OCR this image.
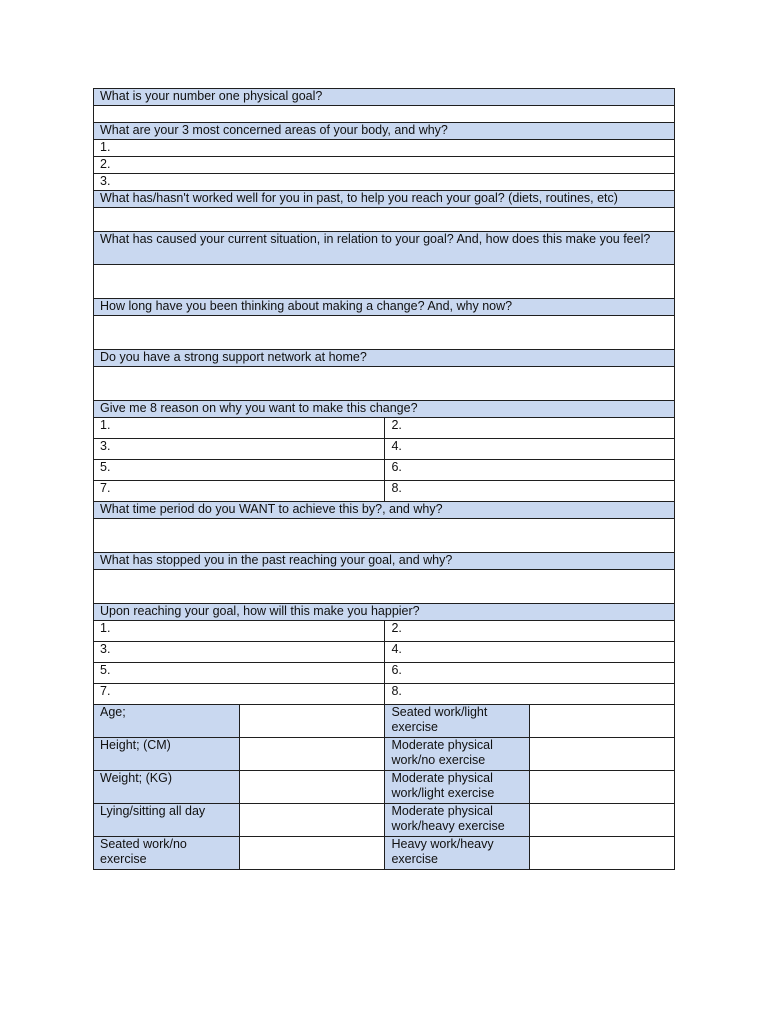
What is your number one physical goal?			

What are your 3 most concerned areas of your body, and why?			
1.			
2.			
3.			
What has/hasn't worked well for you in past, to help you reach your goal? (diets, routines, etc)			

What has caused your current situation, in relation to your goal? And, how does this make you feel?			

How long have you been thinking about making a change? And, why now?			

Do you have a strong support network at home?			

Give me 8 reason on why you want to make this change?			
1.		2.	
3.		4.	
5.		6.	
7.		8.	
What time period do you WANT to achieve this by?, and why?			

What has stopped you in the past reaching your goal, and why?			

Upon reaching your goal, how will this make you happier?			
1.		2.	
3.		4.	
5.		6.	
7.		8.	
Age;		Seated work/light exercise	
Height; (CM)		Moderate physical work/no exercise	
Weight; (KG)		Moderate physical work/light exercise	
Lying/sitting all day		Moderate physical work/heavy exercise	
Seated work/no exercise		Heavy work/heavy exercise	
